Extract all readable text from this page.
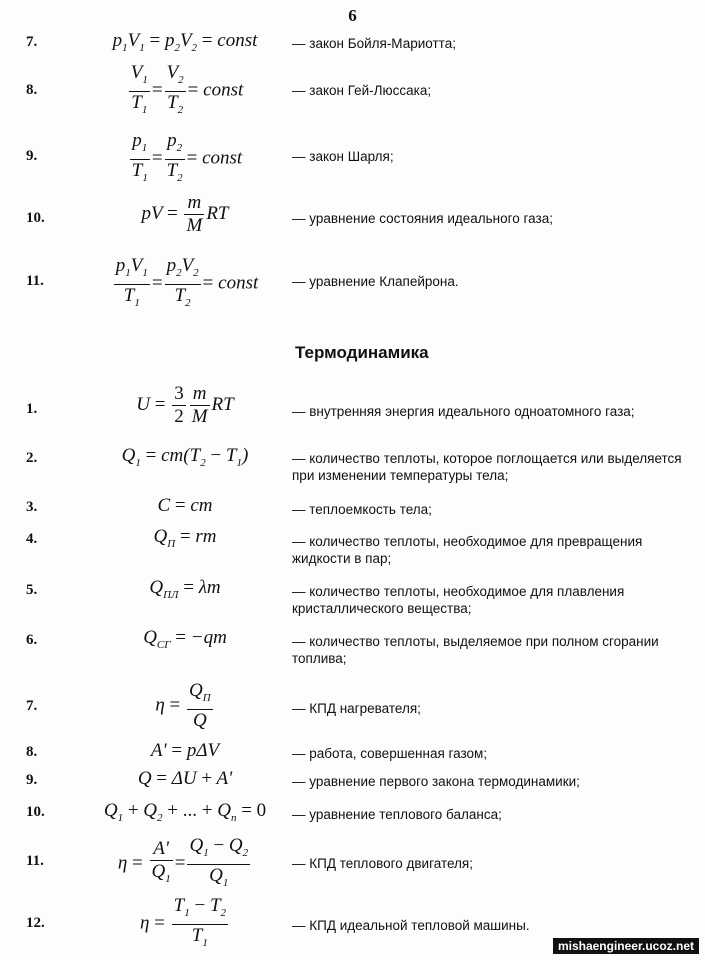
6
7.	$p_1V_1 = p_2V_2$ = const	— закон Бойля-Мариотта;
8.	$\frac{V_1}{T_1} = \frac{V_2}{T_2}$ = const	— закон Гей-Люссака;
9.	$\frac{p_1}{T_1} = \frac{p_2}{T_2}$ = const	— закон Шарля;
10.	pV = $\frac{m}{M}$ RT	— уравнение состояния идеального газа;
11.	$\frac{p_1V_1}{T_1} = \frac{p_2V_2}{T_2}$ = const	— уравнение Клапейрона.
Термодинамика
1.	$U = \frac{3}{2} \frac{m}{M}$ RT	— внутренняя энергия идеального одноатомного газа;
2.	$Q_1 = cm(T_2 - T_1)$	— количество теплоты, которое поглощается или выделяется при изменении температуры тела;
3.	C = cm	— теплоемкость тела;
4.	$Q_П$ = rm	— количество теплоты, необходимое для превращения жидкости в пар;
5.	$Q_{ПЛ} = \lambda m$	— количество теплоты, необходимое для плавления кристаллического вещества;
6.	$Q_{СГ} = -qm$	— количество теплоты, выделяемое при полном сгорании топлива;
7.	$\eta = \frac{Q_П}{Q}$	— КПД нагревателя;
8.	A' = pΔV	— работа, совершенная газом;
9.	Q = ΔU + A'	— уравнение первого закона термодинамики;
10.	$Q_1 + Q_2$ + ... + $Q_n = 0$	— уравнение теплового баланса;
11.	$\eta = \frac{A'}{Q_1} = \frac{Q_1 - Q_2}{Q_1}$	— КПД теплового двигателя;
12.	$\eta = \frac{T_1 - T_2}{T_1}$	— КПД идеальной тепловой машины.
mishaengineer.ucoz.net
